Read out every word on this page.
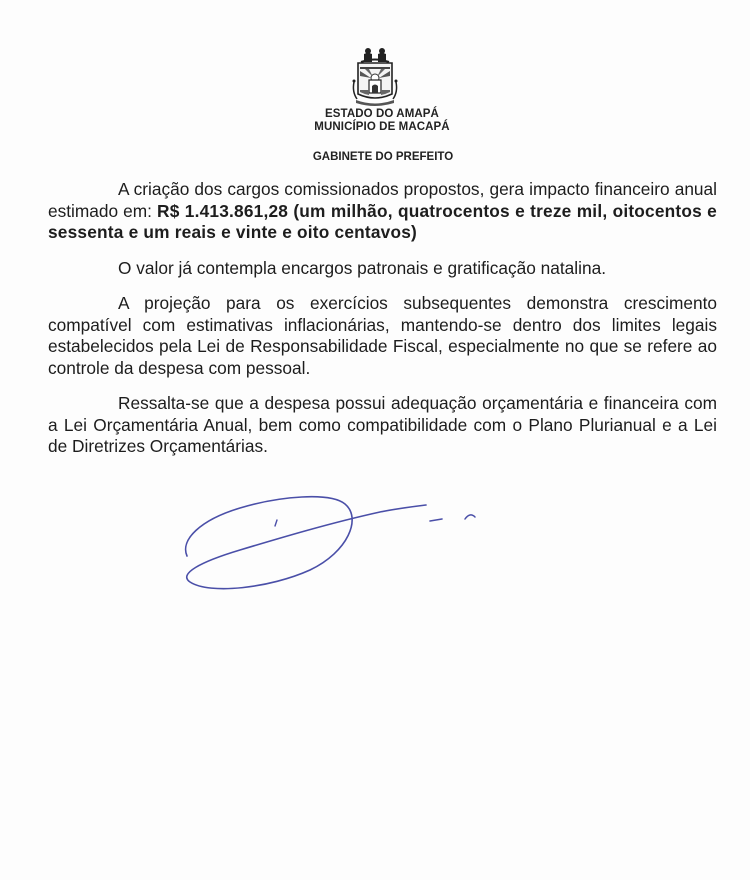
ESTADO DO AMAPÁ
MUNICÍPIO DE MACAPÁ
GABINETE DO PREFEITO

A criação dos cargos comissionados propostos, gera impacto financeiro anual estimado em: R$ 1.413.861,28 (um milhão, quatrocentos e treze mil, oitocentos e sessenta e um reais e vinte e oito centavos)

O valor já contempla encargos patronais e gratificação natalina.

A projeção para os exercícios subsequentes demonstra crescimento compatível com estimativas inflacionárias, mantendo-se dentro dos limites legais estabelecidos pela Lei de Responsabilidade Fiscal, especialmente no que se refere ao controle da despesa com pessoal.

Ressalta-se que a despesa possui adequação orçamentária e financeira com a Lei Orçamentária Anual, bem como compatibilidade com o Plano Plurianual e a Lei de Diretrizes Orçamentárias.
